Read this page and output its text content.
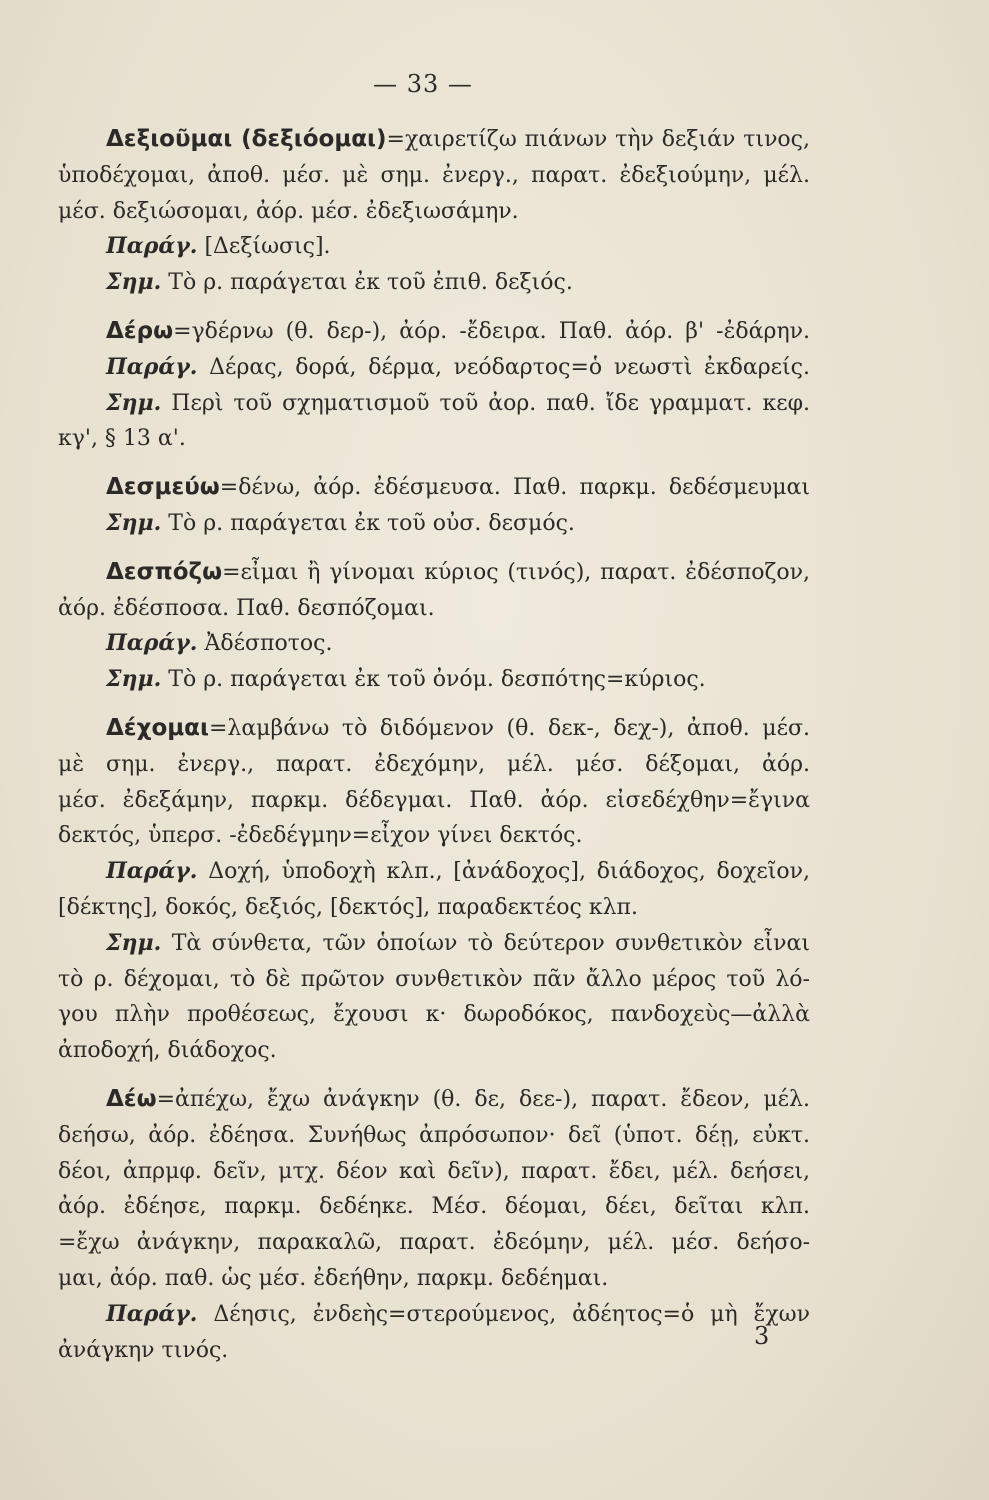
— 33 —
Δεξιοῦμαι (δεξιόομαι)=χαιρετίζω πιάνων τὴν δεξιάν τινος,
ὑποδέχομαι, ἀποθ. μέσ. μὲ σημ. ἐνεργ., παρατ. ἐδεξιούμην, μέλ.
μέσ. δεξιώσομαι, ἀόρ. μέσ. ἐδεξιωσάμην.
Παράγ. [Δεξίωσις].
Σημ. Τὸ ρ. παράγεται ἐκ τοῦ ἐπιθ. δεξιός.
Δέρω=γδέρνω (θ. δερ-), ἀόρ. -ἔδειρα. Παθ. ἀόρ. β' -ἐδάρην.
Παράγ. Δέρας, δορά, δέρμα, νεόδαρτος=ὁ νεωστὶ ἐκδαρείς.
Σημ. Περὶ τοῦ σχηματισμοῦ τοῦ ἀορ. παθ. ἴδε γραμματ. κεφ.
κγ', § 13 α'.
Δεσμεύω=δένω, ἀόρ. ἐδέσμευσα. Παθ. παρκμ. δεδέσμευμαι
Σημ. Τὸ ρ. παράγεται ἐκ τοῦ οὐσ. δεσμός.
Δεσπόζω=εἶμαι ἢ γίνομαι κύριος (τινός), παρατ. ἐδέσποζον,
ἀόρ. ἐδέσποσα. Παθ. δεσπόζομαι.
Παράγ. Ἀδέσποτος.
Σημ. Τὸ ρ. παράγεται ἐκ τοῦ ὀνόμ. δεσπότης=κύριος.
Δέχομαι=λαμβάνω τὸ διδόμενον (θ. δεκ-, δεχ-), ἀποθ. μέσ.
μὲ σημ. ἐνεργ., παρατ. ἐδεχόμην, μέλ. μέσ. δέξομαι, ἀόρ.
μέσ. ἐδεξάμην, παρκμ. δέδεγμαι. Παθ. ἀόρ. εἰσεδέχθην=ἔγινα
δεκτός, ὑπερσ. -ἐδεδέγμην=εἶχον γίνει δεκτός.
Παράγ. Δοχή, ὑποδοχὴ κλπ., [ἀνάδοχος], διάδοχος, δοχεῖον,
[δέκτης], δοκός, δεξιός, [δεκτός], παραδεκτέος κλπ.
Σημ. Τὰ σύνθετα, τῶν ὁποίων τὸ δεύτερον συνθετικὸν εἶναι
τὸ ρ. δέχομαι, τὸ δὲ πρῶτον συνθετικὸν πᾶν ἄλλο μέρος τοῦ λό-
γου πλὴν προθέσεως, ἔχουσι κ· δωροδόκος, πανδοχεὺς—ἀλλὰ
ἀποδοχή, διάδοχος.
Δέω=ἀπέχω, ἔχω ἀνάγκην (θ. δε, δεε-), παρατ. ἔδεον, μέλ.
δεήσω, ἀόρ. ἐδέησα. Συνήθως ἀπρόσωπον· δεῖ (ὑποτ. δέῃ, εὐκτ.
δέοι, ἀπρμφ. δεῖν, μτχ. δέον καὶ δεῖν), παρατ. ἔδει, μέλ. δεήσει,
ἀόρ. ἐδέησε, παρκμ. δεδέηκε. Μέσ. δέομαι, δέει, δεῖται κλπ.
=ἔχω ἀνάγκην, παρακαλῶ, παρατ. ἐδεόμην, μέλ. μέσ. δεήσο-
μαι, ἀόρ. παθ. ὡς μέσ. ἐδεήθην, παρκμ. δεδέημαι.
Παράγ. Δέησις, ἐνδεὴς=στερούμενος, ἀδέητος=ὁ μὴ ἔχων
ἀνάγκην τινός.	3
